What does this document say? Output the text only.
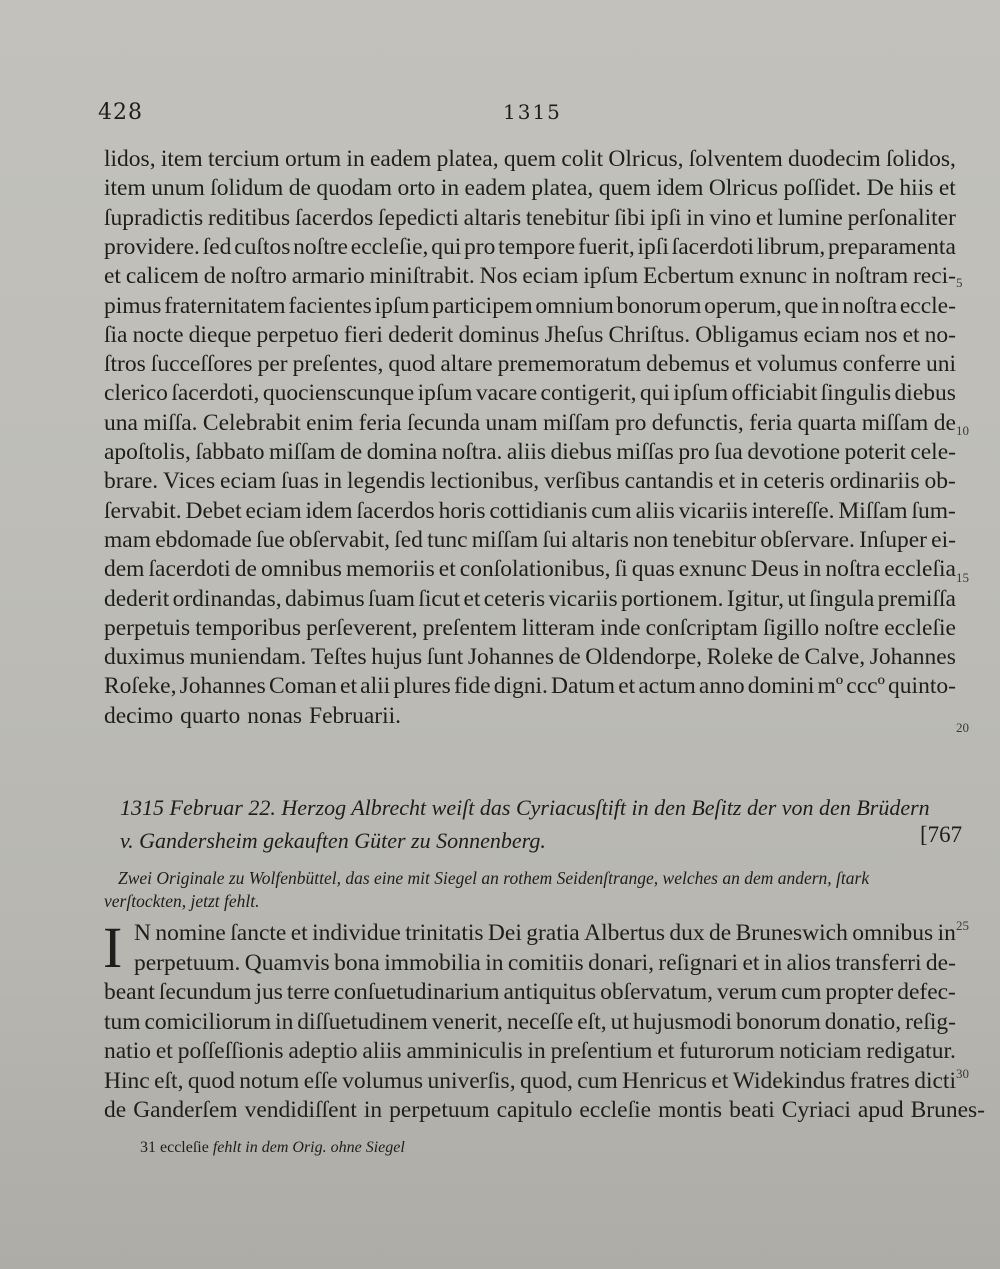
428	1315
lidos, item tercium ortum in eadem platea, quem colit Olricus, ſolventem duodecim ſolidos,
item unum ſolidum de quodam orto in eadem platea, quem idem Olricus poſſidet. De hiis et
ſupradictis reditibus ſacerdos ſepedicti altaris tenebitur ſibi ipſi in vino et lumine perſonaliter
providere. ſed cuſtos noſtre eccleſie, qui pro tempore fuerit, ipſi ſacerdoti librum, preparamenta
et calicem de noſtro armario miniſtrabit. Nos eciam ipſum Ecbertum exnunc in noſtram reci-
pimus fraternitatem facientes ipſum participem omnium bonorum operum, que in noſtra eccle-
ſia nocte dieque perpetuo fieri dederit dominus Jheſus Chriſtus. Obligamus eciam nos et no-
ſtros ſucceſſores per preſentes, quod altare prememoratum debemus et volumus conferre uni
clerico ſacerdoti, quocienscunque ipſum vacare contigerit, qui ipſum officiabit ſingulis diebus
una miſſa. Celebrabit enim feria ſecunda unam miſſam pro defunctis, feria quarta miſſam de
apoſtolis, ſabbato miſſam de domina noſtra. aliis diebus miſſas pro ſua devotione poterit cele-
brare. Vices eciam ſuas in legendis lectionibus, verſibus cantandis et in ceteris ordinariis ob-
ſervabit. Debet eciam idem ſacerdos horis cottidianis cum aliis vicariis intereſſe. Miſſam ſum-
mam ebdomade ſue obſervabit, ſed tunc miſſam ſui altaris non tenebitur obſervare. Inſuper ei-
dem ſacerdoti de omnibus memoriis et conſolationibus, ſi quas exnunc Deus in noſtra eccleſia
dederit ordinandas, dabimus ſuam ſicut et ceteris vicariis portionem. Igitur, ut ſingula premiſſa
perpetuis temporibus perſeverent, preſentem litteram inde conſcriptam ſigillo noſtre eccleſie
duximus muniendam. Teſtes hujus ſunt Johannes de Oldendorpe, Roleke de Calve, Johannes
Roſeke, Johannes Coman et alii plures fide digni. Datum et actum anno domini mº cccº quinto-
decimo quarto nonas Februarii.
5
10
15
20
1315 Februar 22. Herzog Albrecht weiſt das Cyriacusſtift in den Beſitz der von den Brüdern
v. Gandersheim gekauften Güter zu Sonnenberg.	[767
Zwei Originale zu Wolfenbüttel, das eine mit Siegel an rothem Seidenſtrange, welches an dem andern, ſtark
verſtockten, jetzt fehlt.
I N nomine ſancte et individue trinitatis Dei gratia Albertus dux de Bruneswich omnibus in
perpetuum. Quamvis bona immobilia in comitiis donari, reſignari et in alios transferri de-
beant ſecundum jus terre conſuetudinarium antiquitus obſervatum, verum cum propter defec-
tum comiciliorum in diſſuetudinem venerit, neceſſe eſt, ut hujusmodi bonorum donatio, reſig-
natio et poſſeſſionis adeptio aliis amminiculis in preſentium et futurorum noticiam redigatur.
Hinc eſt, quod notum eſſe volumus univerſis, quod, cum Henricus et Widekindus fratres dicti
de Ganderſem vendidiſſent in perpetuum capitulo eccleſie montis beati Cyriaci apud Brunes-
25
30
31 eccleſie fehlt in dem Orig. ohne Siegel
